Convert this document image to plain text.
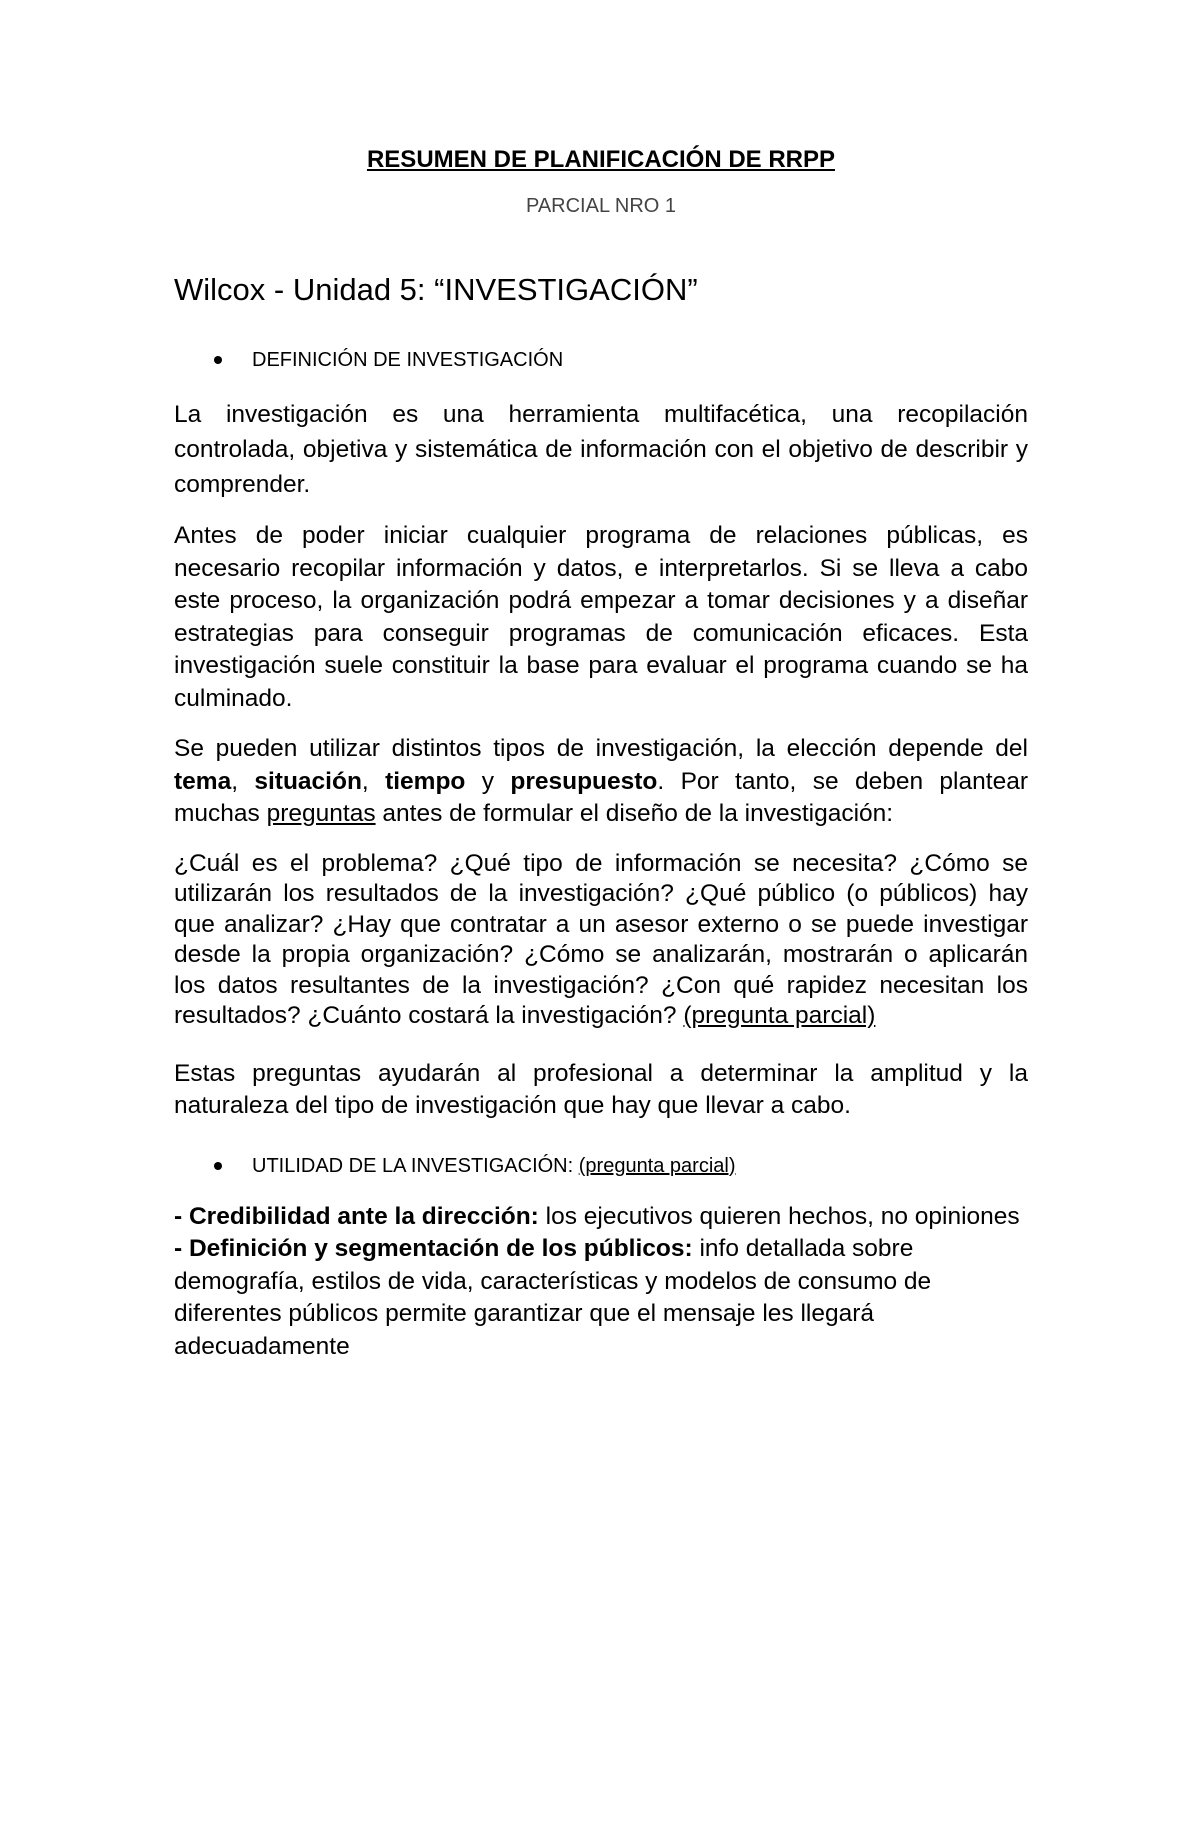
RESUMEN DE PLANIFICACIÓN DE RRPP
PARCIAL NRO 1
Wilcox - Unidad 5: “INVESTIGACIÓN”
DEFINICIÓN DE INVESTIGACIÓN

La investigación es una herramienta multifacética, una recopilación controlada, objetiva y sistemática de información con el objetivo de describir y comprender.

Antes de poder iniciar cualquier programa de relaciones públicas, es necesario recopilar información y datos, e interpretarlos. Si se lleva a cabo este proceso, la organización podrá empezar a tomar decisiones y a diseñar estrategias para conseguir programas de comunicación eficaces. Esta investigación suele constituir la base para evaluar el programa cuando se ha culminado.

Se pueden utilizar distintos tipos de investigación, la elección depende del tema, situación, tiempo y presupuesto. Por tanto, se deben plantear muchas preguntas antes de formular el diseño de la investigación:

¿Cuál es el problema? ¿Qué tipo de información se necesita? ¿Cómo se utilizarán los resultados de la investigación? ¿Qué público (o públicos) hay que analizar? ¿Hay que contratar a un asesor externo o se puede investigar desde la propia organización? ¿Cómo se analizarán, mostrarán o aplicarán los datos resultantes de la investigación? ¿Con qué rapidez necesitan los resultados? ¿Cuánto costará la investigación? (pregunta parcial)

Estas preguntas ayudarán al profesional a determinar la amplitud y la naturaleza del tipo de investigación que hay que llevar a cabo.

UTILIDAD DE LA INVESTIGACIÓN:
(pregunta parcial)

- Credibilidad ante la dirección: los ejecutivos quieren hechos, no opiniones

- Definición y segmentación de los públicos: info detallada sobre demografía, estilos de vida, características y modelos de consumo de diferentes públicos permite garantizar que el mensaje les llegará adecuadamente
